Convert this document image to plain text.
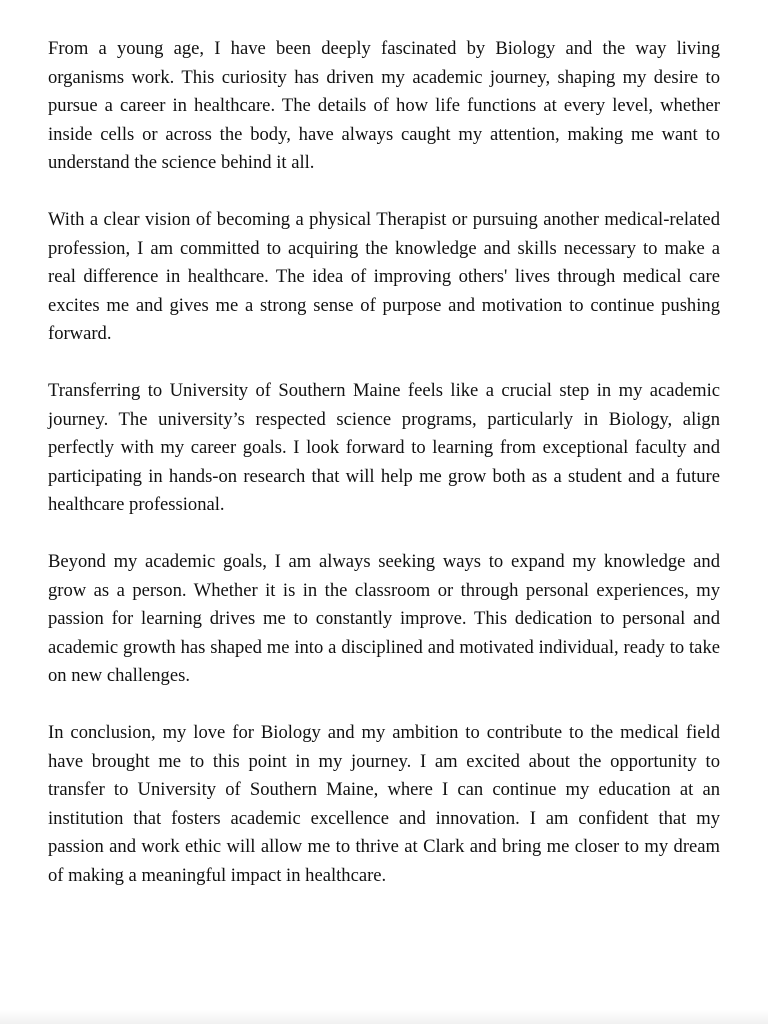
From a young age, I have been deeply fascinated by Biology and the way living organisms work. This curiosity has driven my academic journey, shaping my desire to pursue a career in healthcare. The details of how life functions at every level, whether inside cells or across the body, have always caught my attention, making me want to understand the science behind it all.

With a clear vision of becoming a physical Therapist or pursuing another medical-related profession, I am committed to acquiring the knowledge and skills necessary to make a real difference in healthcare. The idea of improving others' lives through medical care excites me and gives me a strong sense of purpose and motivation to continue pushing forward.

Transferring to University of Southern Maine feels like a crucial step in my academic journey. The university’s respected science programs, particularly in Biology, align perfectly with my career goals. I look forward to learning from exceptional faculty and participating in hands-on research that will help me grow both as a student and a future healthcare professional.

Beyond my academic goals, I am always seeking ways to expand my knowledge and grow as a person. Whether it is in the classroom or through personal experiences, my passion for learning drives me to constantly improve. This dedication to personal and academic growth has shaped me into a disciplined and motivated individual, ready to take on new challenges.

In conclusion, my love for Biology and my ambition to contribute to the medical field have brought me to this point in my journey. I am excited about the opportunity to transfer to University of Southern Maine, where I can continue my education at an institution that fosters academic excellence and innovation. I am confident that my passion and work ethic will allow me to thrive at Clark and bring me closer to my dream of making a meaningful impact in healthcare.
